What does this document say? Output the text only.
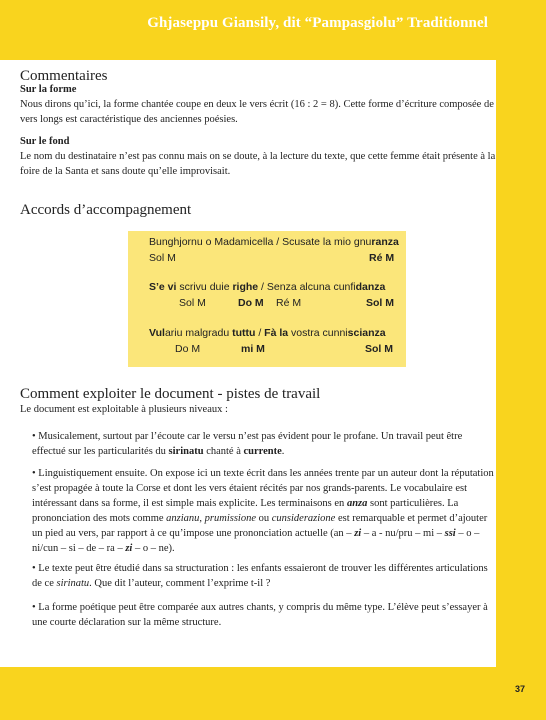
Ghjaseppu Giansily, dit “Pampasgiolu” Traditionnel
Commentaires
Sur la forme

Nous dirons qu’ici, la forme chantée coupe en deux le vers écrit (16 : 2 = 8). Cette forme d’écriture composée de vers longs est caractéristique des anciennes poésies.

Sur le fond

Le nom du destinataire n’est pas connu mais on se doute, à la lecture du texte, que cette femme était présente à la foire de la Santa et sans doute qu’elle improvisait.

Accords d’accompagnement
Bunghjornu o Madamicella / Scusate la mio gnuranza
Sol M	Ré M
S’e vi scrivu duie righe / Senza alcuna cunfidanza
Sol M	Do M Ré M	Sol M
Vulariu malgradu tuttu / Fà la vostra cunniscianza
Do M	mi M	Sol M
Comment exploiter le document - pistes de travail

Le document est exploitable à plusieurs niveaux :

• Musicalement, surtout par l’écoute car le versu n’est pas évident pour le profane. Un travail peut être effectué sur les particularités du sirinatu chanté à currente.

• Linguistiquement ensuite. On expose ici un texte écrit dans les années trente par un auteur dont la réputation s’est propagée à toute la Corse et dont les vers étaient récités par nos grands-parents. Le vocabulaire est intéressant dans sa forme, il est simple mais explicite. Les terminaisons en anza sont particulières. La prononciation des mots comme anzianu, prumissione ou cunsiderazione est remarquable et permet d’ajouter un pied au vers, par rapport à ce qu’impose une prononciation actuelle (an – zi – a - nu/pru – mi – ssi – o – ni/cun – si – de – ra – zi – o – ne).

• Le texte peut être étudié dans sa structuration : les enfants essaieront de trouver les différentes articulations de ce sirinatu. Que dit l’auteur, comment l’exprime t-il ?

• La forme poétique peut être comparée aux autres chants, y compris du même type. L’élève peut s’essayer à une courte déclaration sur la même structure.

37
